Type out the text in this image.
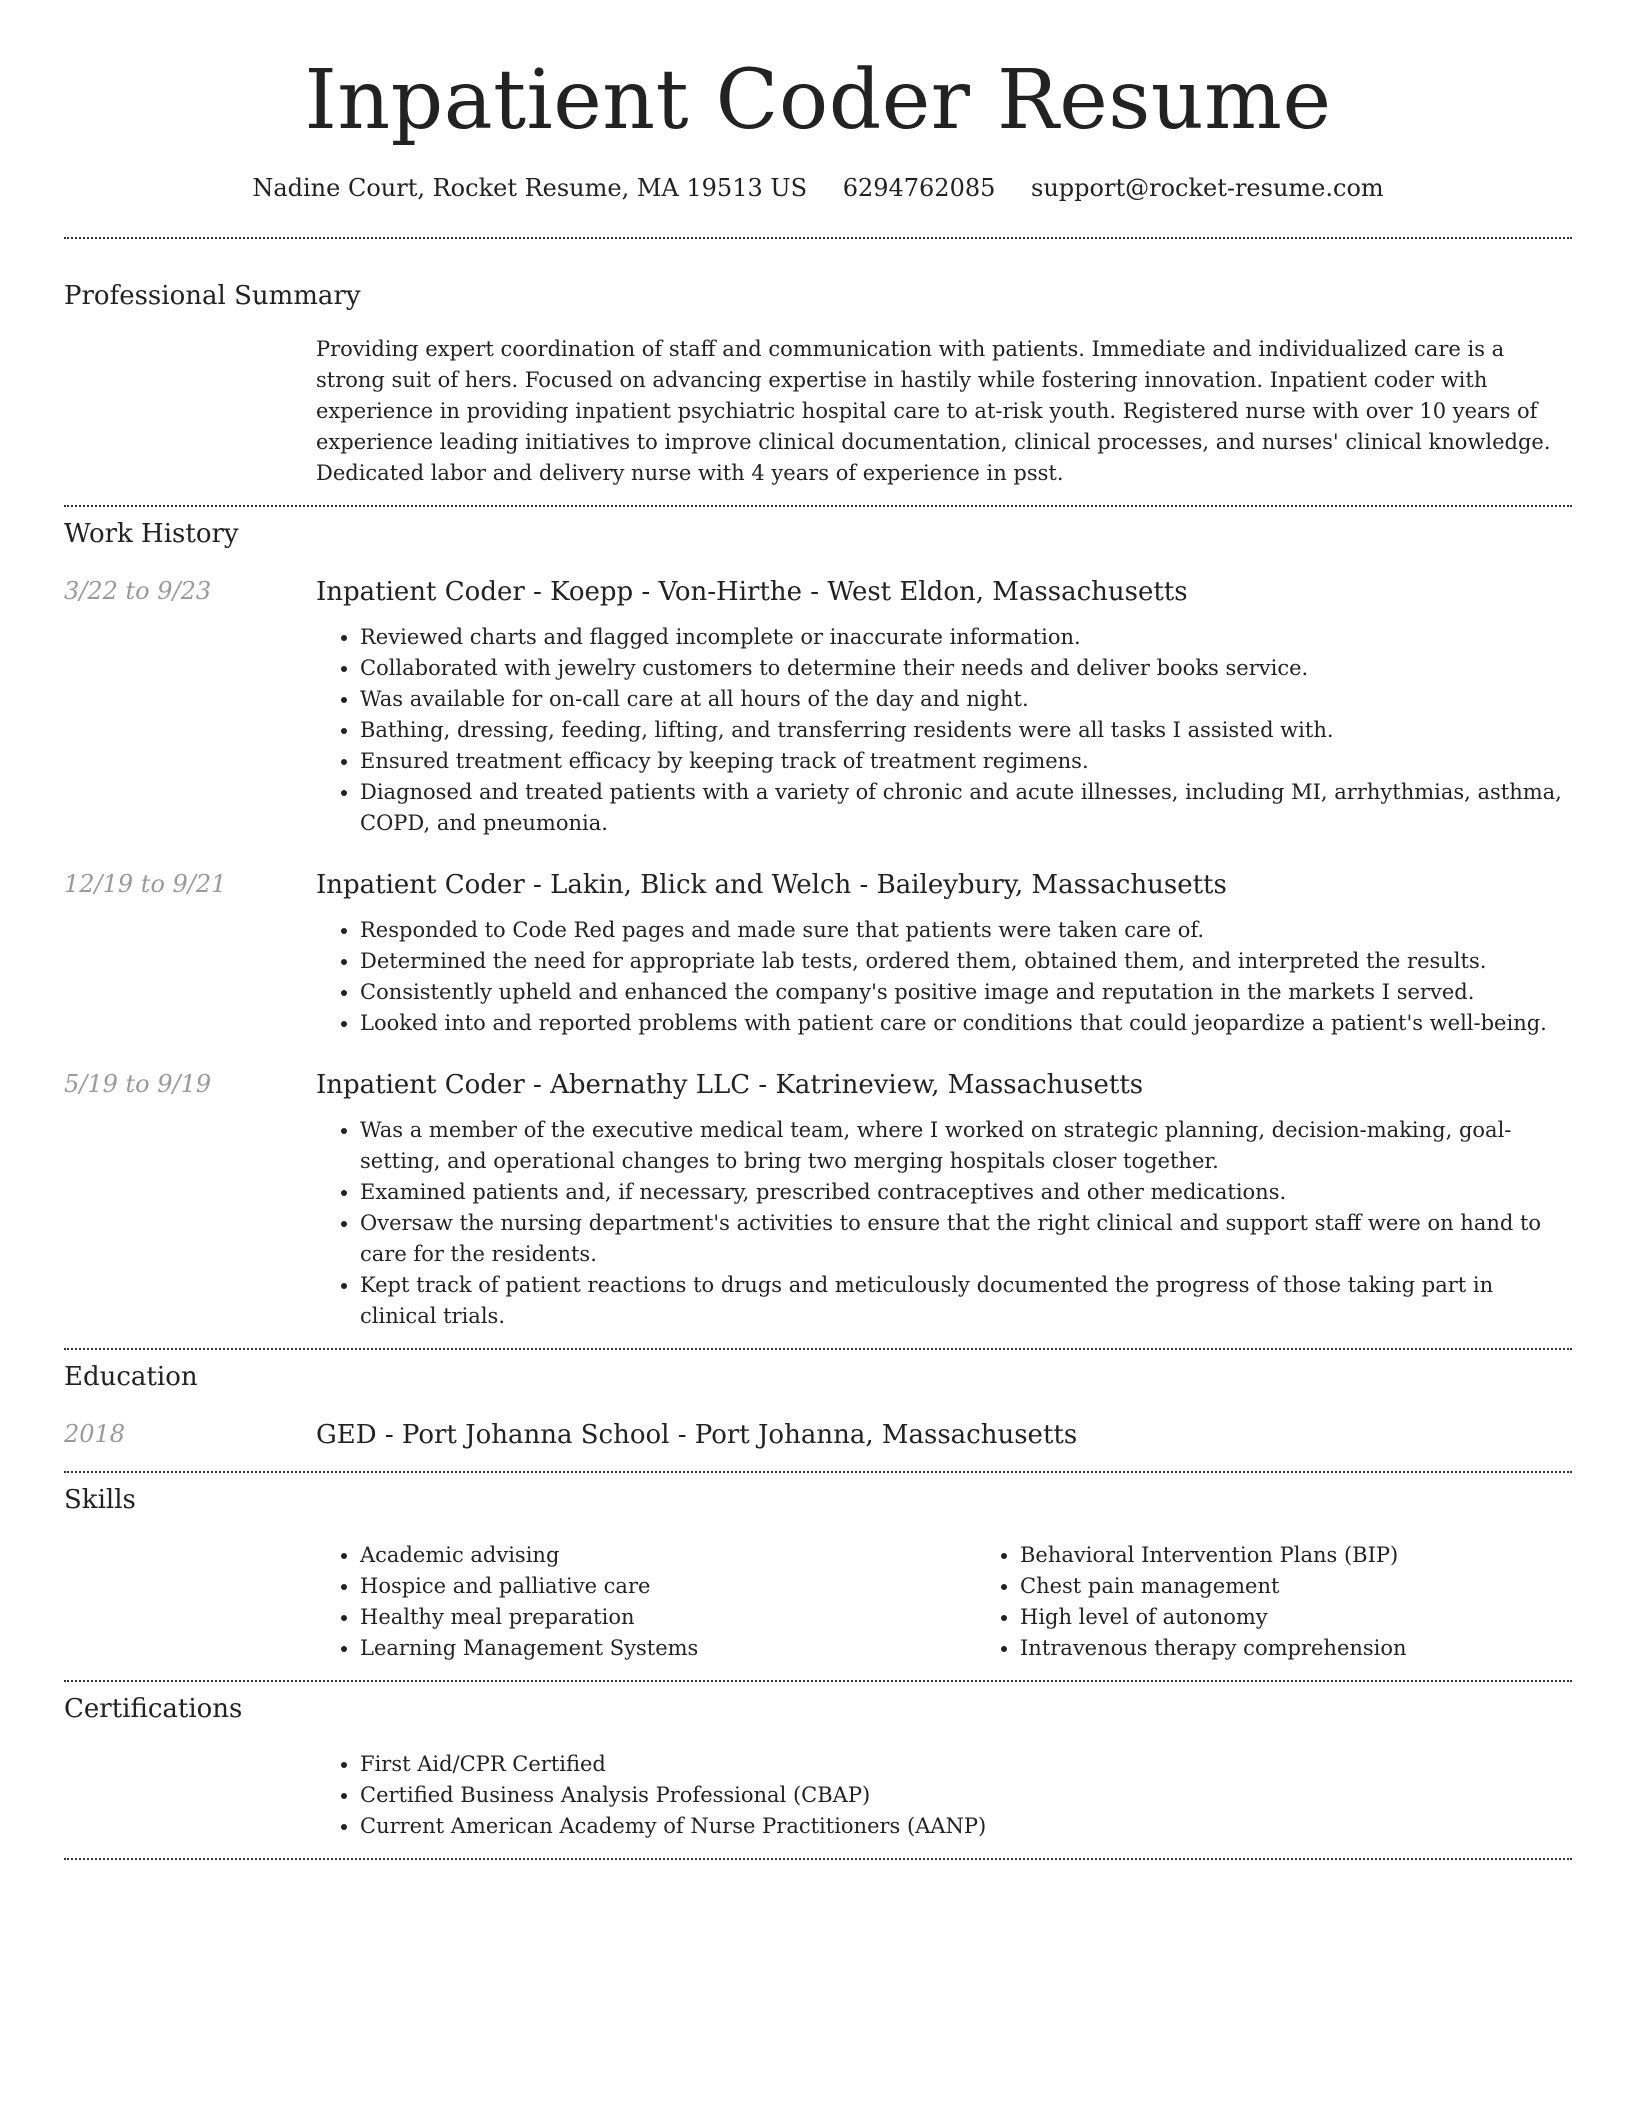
Inpatient Coder Resume
Nadine Court, Rocket Resume, MA 19513 US 6294762085 support@rocket-resume.com
Professional Summary

Providing expert coordination of staff and communication with patients. Immediate and individualized care is a strong suit of hers. Focused on advancing expertise in hastily while fostering innovation. Inpatient coder with experience in providing inpatient psychiatric hospital care to at-risk youth. Registered nurse with over 10 years of experience leading initiatives to improve clinical documentation, clinical processes, and nurses' clinical knowledge. Dedicated labor and delivery nurse with 4 years of experience in psst.

Work History
3/22 to 9/23	Inpatient Coder - Koepp - Von-Hirthe - West Eldon, Massachusetts
• Reviewed charts and flagged incomplete or inaccurate information.
• Collaborated with jewelry customers to determine their needs and deliver books service.
• Was available for on-call care at all hours of the day and night.
• Bathing, dressing, feeding, lifting, and transferring residents were all tasks I assisted with.
• Ensured treatment efficacy by keeping track of treatment regimens.
• Diagnosed and treated patients with a variety of chronic and acute illnesses, including MI, arrhythmias, asthma, COPD, and pneumonia.
12/19 to 9/21	Inpatient Coder - Lakin, Blick and Welch - Baileybury, Massachusetts
• Responded to Code Red pages and made sure that patients were taken care of.
• Determined the need for appropriate lab tests, ordered them, obtained them, and interpreted the results.
• Consistently upheld and enhanced the company's positive image and reputation in the markets I served.
• Looked into and reported problems with patient care or conditions that could jeopardize a patient's well-being.
5/19 to 9/19	Inpatient Coder - Abernathy LLC - Katrineview, Massachusetts
• Was a member of the executive medical team, where I worked on strategic planning, decision-making, goal-setting, and operational changes to bring two merging hospitals closer together.
• Examined patients and, if necessary, prescribed contraceptives and other medications.
• Oversaw the nursing department's activities to ensure that the right clinical and support staff were on hand to care for the residents.
• Kept track of patient reactions to drugs and meticulously documented the progress of those taking part in clinical trials.
Education
2018	GED - Port Johanna School - Port Johanna, Massachusetts
Skills
• Academic advising
• Hospice and palliative care
• Healthy meal preparation
• Learning Management Systems
• Behavioral Intervention Plans (BIP)
• Chest pain management
• High level of autonomy
• Intravenous therapy comprehension
Certifications
• First Aid/CPR Certified
• Certified Business Analysis Professional (CBAP)
• Current American Academy of Nurse Practitioners (AANP)
